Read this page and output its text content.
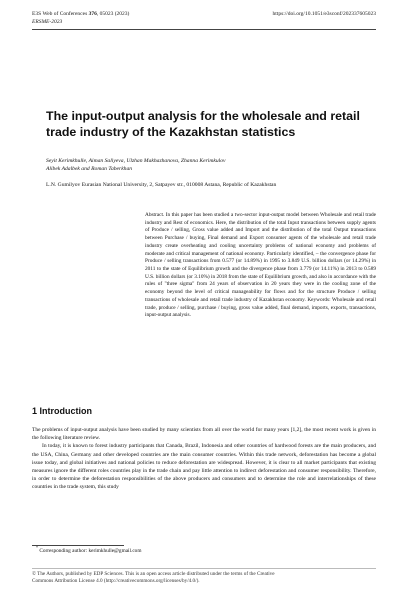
E3S Web of Conferences 376, 05023 (2023)	https://doi.org/10.1051/e3sconf/202337605023
ERSME-2023
The input-output analysis for the wholesale and retail trade industry of the Kazakhstan statistics
Seyit Kerimkhulle, Aiman Saliyeva, Ulzhan Makhazhanova, Zhanna Kerimkulov
Alibek Adalbek and Roman Taberkhan
L.N. Gumilyov Eurasian National University, 2, Satpayev str., 010008 Astana, Republic of Kazakhstan

Abstract. In this paper has been studied a two-sector input-output model between Wholesale and retail trade industry and Rest of economics. Here, the distribution of the total Input transactions between supply agents of Produce / selling, Gross value added and Import and the distribution of the total Output transactions between Purchase / buying, Final demand and Export consumer agents of the wholesale and retail trade industry create overheating and cooling uncertainty problems of national economy and problems of moderate and critical management of national economy. Particularly identified, – the convergence phase for Produce / selling transactions from 0.577 (or 14.89%) in 1995 to 3.849 U.S. billion dollars (or 14.29%) in 2011 to the state of Equilibrium growth and the divergence phase from 3.779 (or 14.11%) in 2013 to 0.589 U.S. billion dollars (or 3.10%) in 2018 from the state of Equilibrium growth, and also in accordance with the rules of "three sigma" from 24 years of observation in 20 years they were in the cooling zone of the economy beyond the level of critical manageability for flows and for the structure Produce / selling transactions of wholesale and retail trade industry of Kazakhstan economy. Keywords: Wholesale and retail trade, produce / selling, purchase / buying, gross value added, final demand, imports, exports, transactions, input-output analysis.

1 Introduction

The problems of input-output analysis have been studied by many scientists from all over the world for many years [1,2], the most recent work is given in the following literature review.

In today, it is known to forest industry participants that Canada, Brazil, Indonesia and other countries of hardwood forests are the main producers, and the USA, China, Germany and other developed countries are the main consumer countries. Within this trade network, deforestation has become a global issue today, and global initiatives and national policies to reduce deforestation are widespread. However, it is clear to all market participants that existing measures ignore the different roles countries play in the trade chain and pay little attention to indirect deforestation and consumer responsibility. Therefore, in order to determine the deforestation responsibilities of the above producers and consumers and to determine the role and interrelationships of these countries in the trade system, this study

* Corresponding author: kerimkhulle@gmail.com
© The Authors, published by EDP Sciences. This is an open access article distributed under the terms of the Creative
Commons Attribution License 4.0 (http://creativecommons.org/licenses/by/4.0/).
